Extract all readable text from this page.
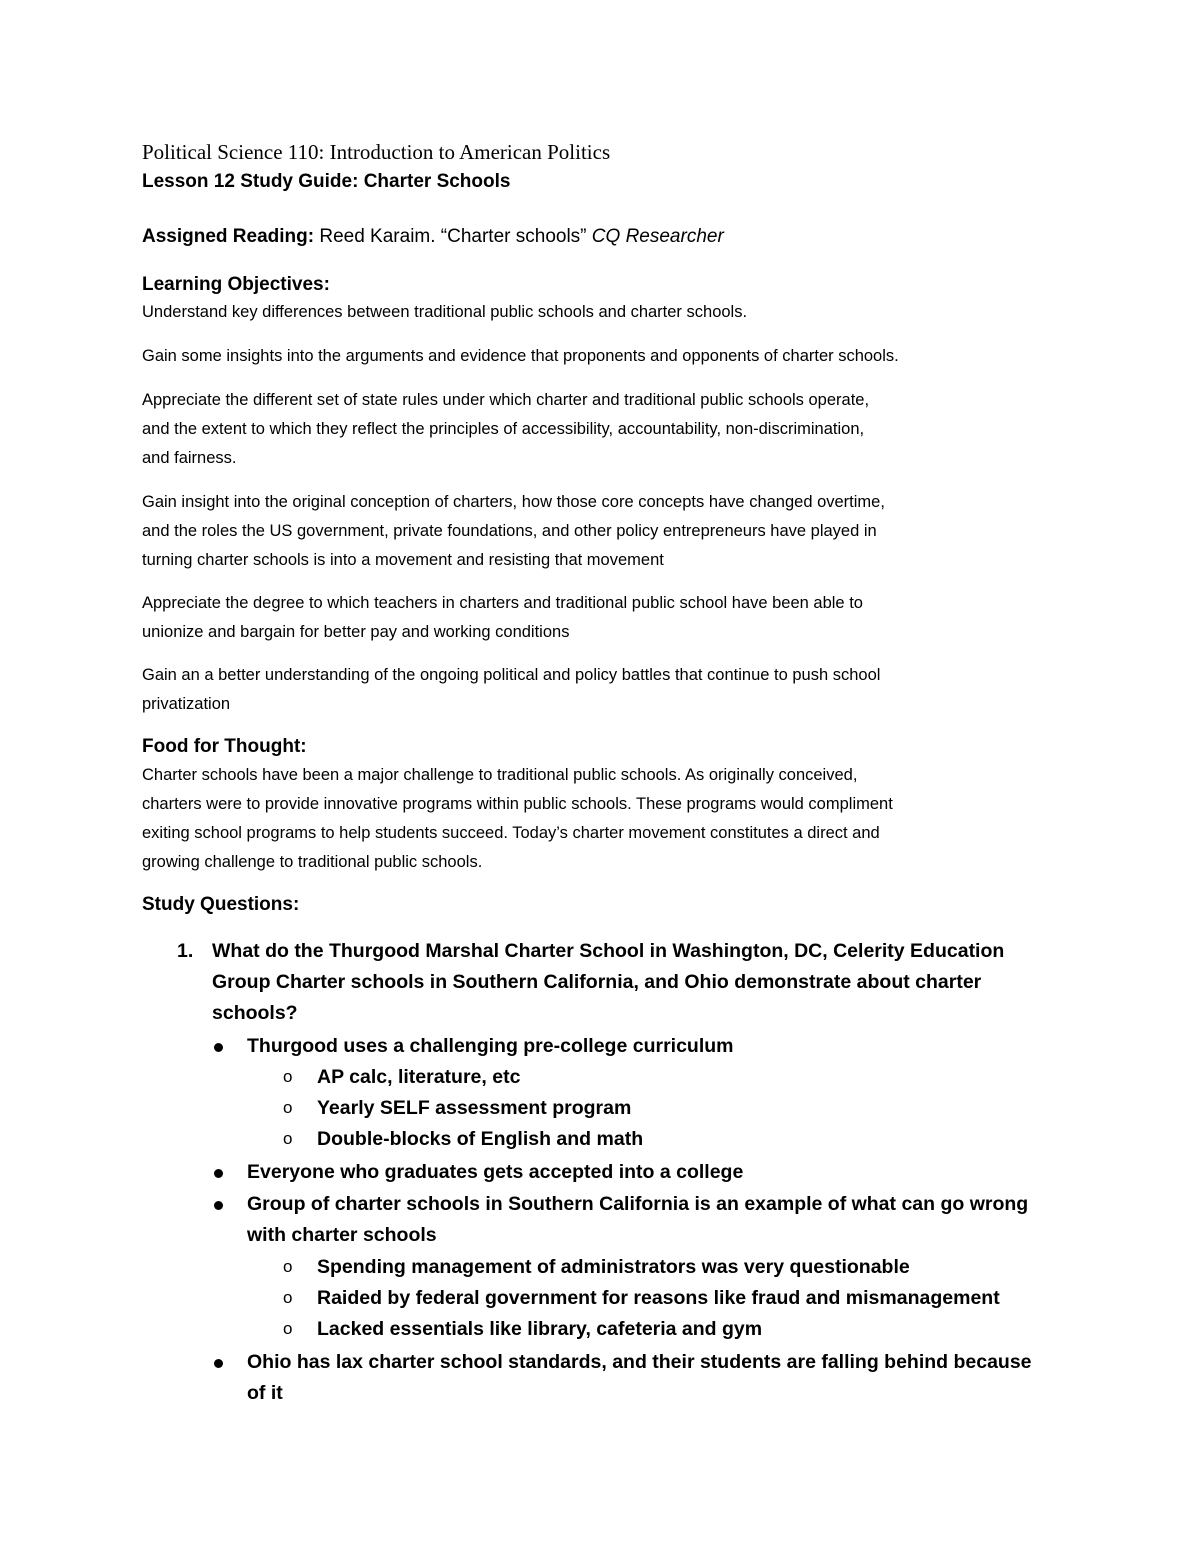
Political Science 110: Introduction to American Politics
Lesson 12 Study Guide: Charter Schools
Assigned Reading: Reed Karaim. “Charter schools” CQ Researcher
Learning Objectives:
Understand key differences between traditional public schools and charter schools.
Gain some insights into the arguments and evidence that proponents and opponents of charter schools.
Appreciate the different set of state rules under which charter and traditional public schools operate,
and the extent to which they reflect the principles of accessibility, accountability, non-discrimination,
and fairness.
Gain insight into the original conception of charters, how those core concepts have changed overtime,
and the roles the US government, private foundations, and other policy entrepreneurs have played in
turning charter schools is into a movement and resisting that movement
Appreciate the degree to which teachers in charters and traditional public school have been able to
unionize and bargain for better pay and working conditions
Gain an a better understanding of the ongoing political and policy battles that continue to push school
privatization
Food for Thought:
Charter schools have been a major challenge to traditional public schools. As originally conceived,
charters were to provide innovative programs within public schools. These programs would compliment
exiting school programs to help students succeed. Today’s charter movement constitutes a direct and
growing challenge to traditional public schools.
Study Questions:
1. What do the Thurgood Marshal Charter School in Washington, DC, Celerity Education
Group Charter schools in Southern California, and Ohio demonstrate about charter
schools?
Thurgood uses a challenging pre-college curriculum
o AP calc, literature, etc
o Yearly SELF assessment program
o Double-blocks of English and math
Everyone who graduates gets accepted into a college
Group of charter schools in Southern California is an example of what can go wrong
with charter schools
o Spending management of administrators was very questionable
o Raided by federal government for reasons like fraud and mismanagement
o Lacked essentials like library, cafeteria and gym
Ohio has lax charter school standards, and their students are falling behind because
of it
